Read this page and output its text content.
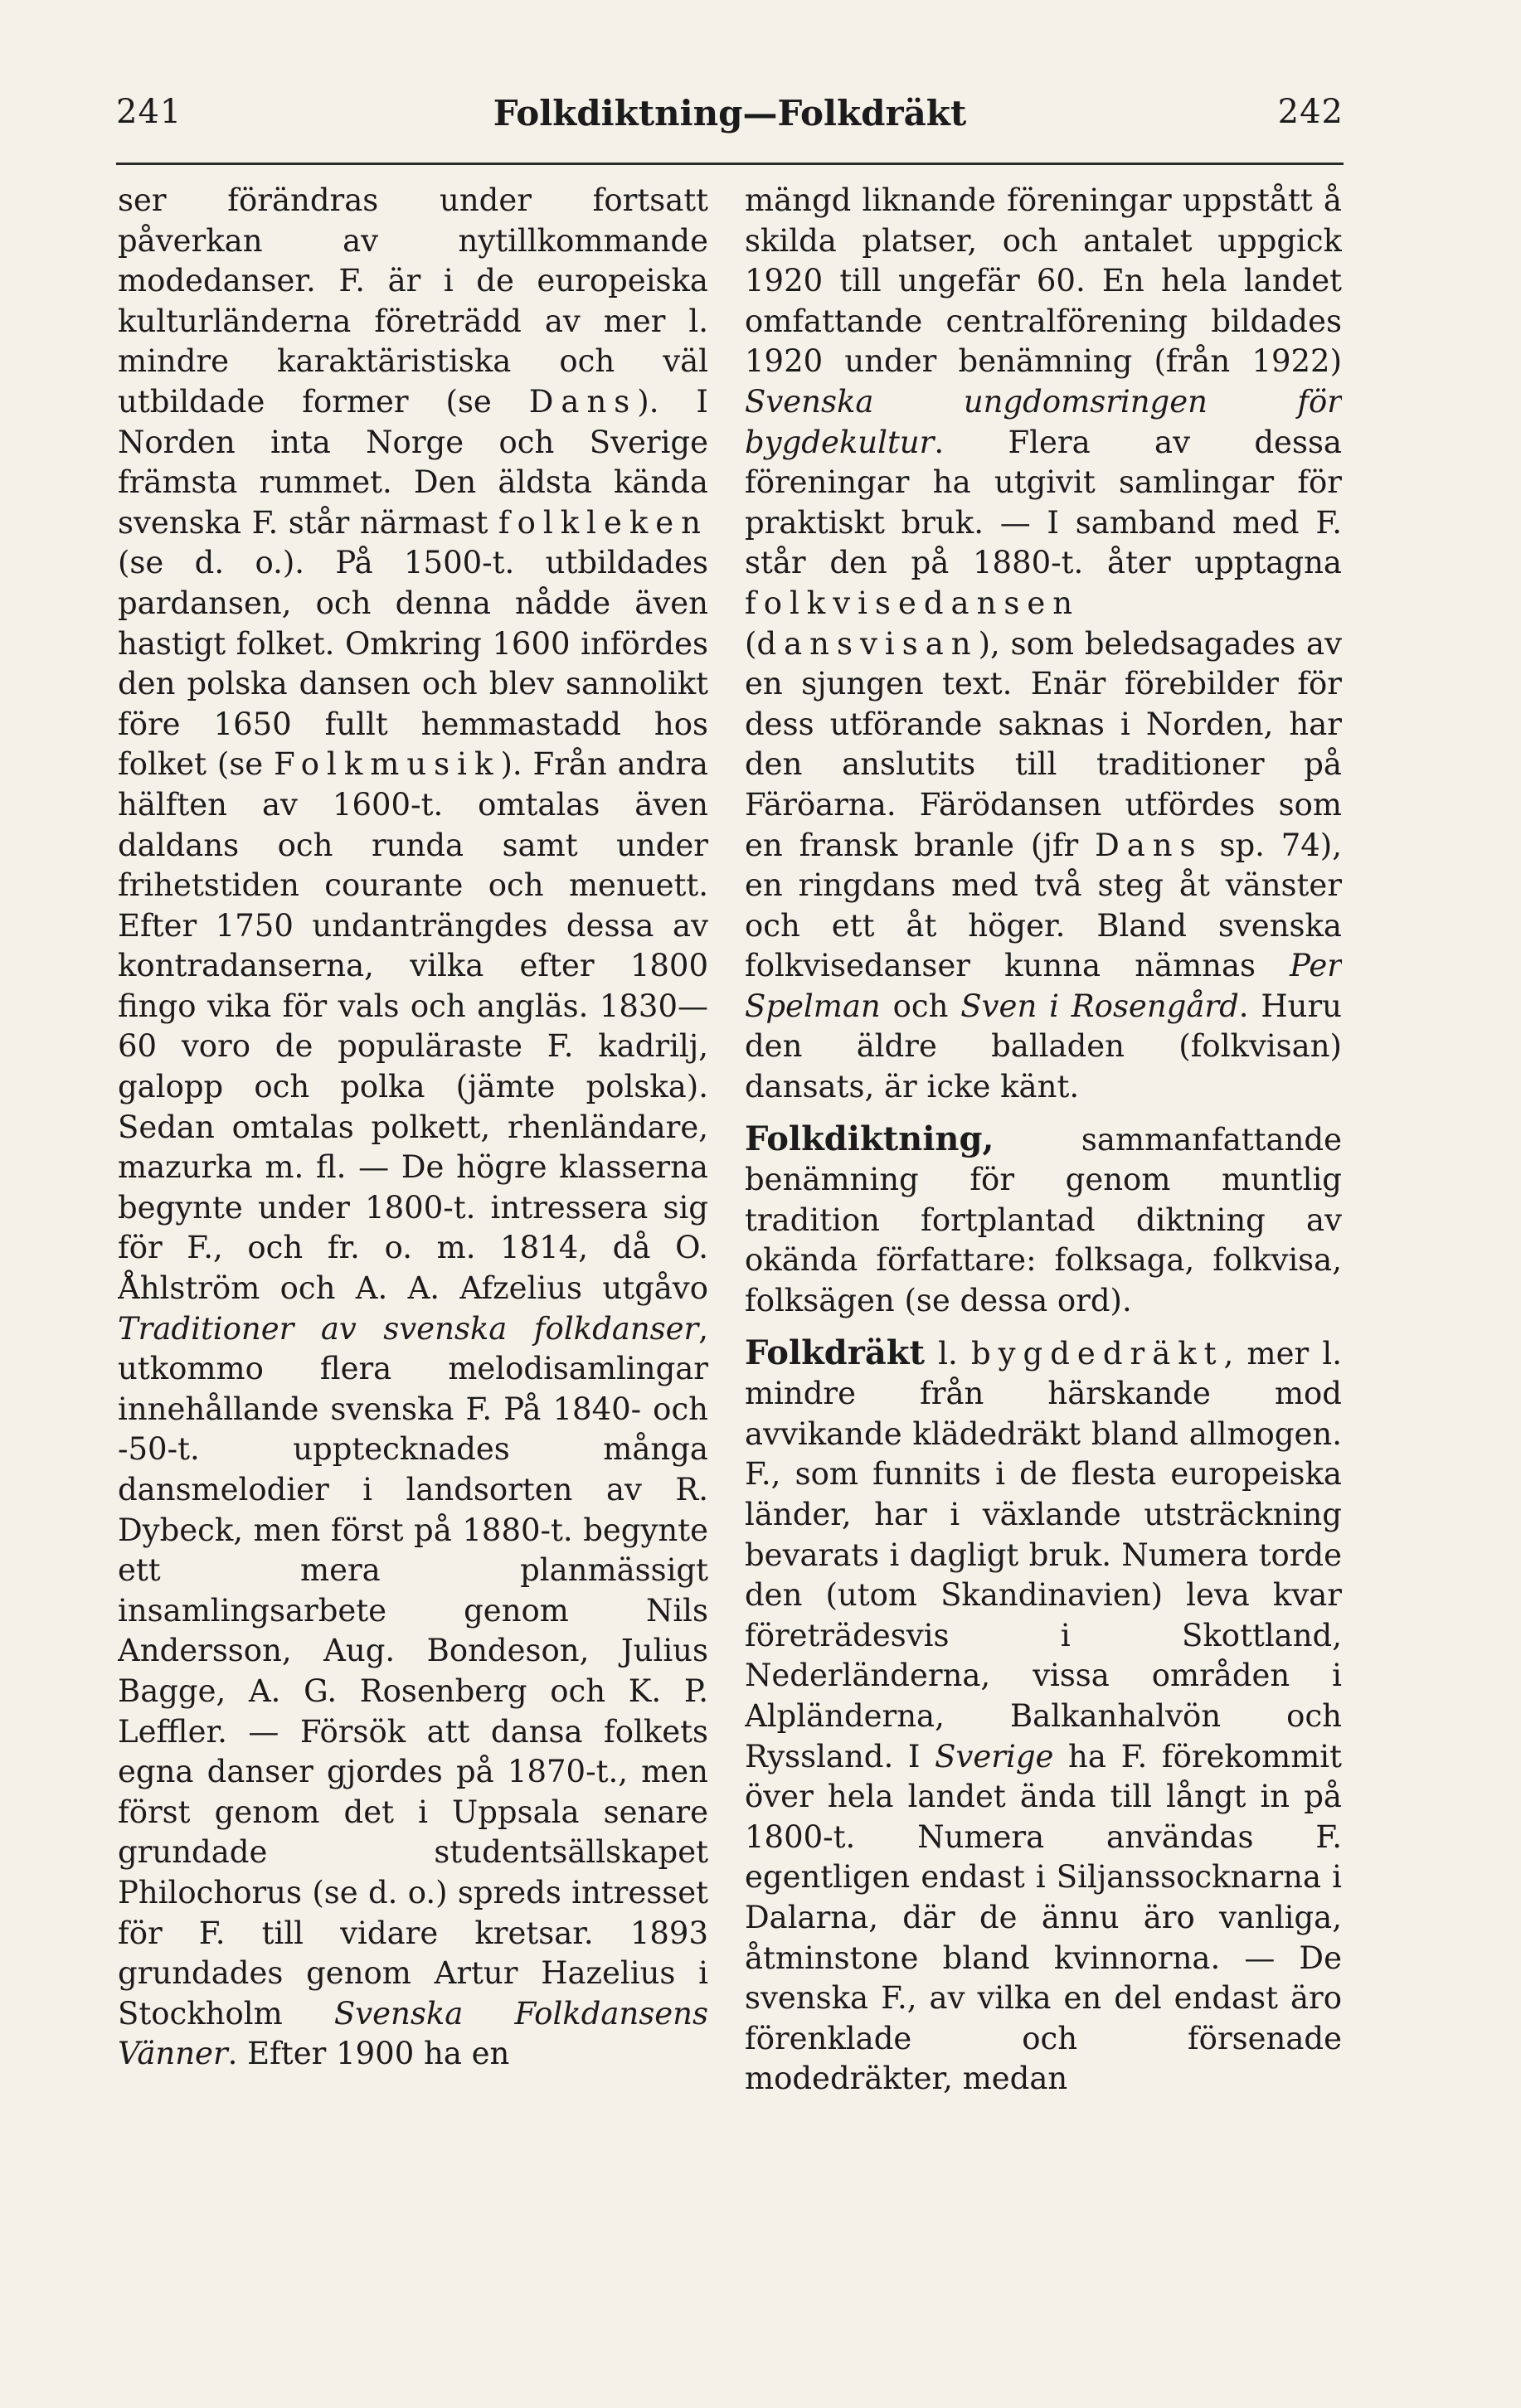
241	Folkdiktning—Folkdräkt	242

ser förändras under fortsatt påverkan av nytillkommande modedanser. F. är i de europeiska kulturländerna företrädd av mer l. mindre karaktäristiska och väl utbildade former (se Dans). I Norden inta Norge och Sverige främsta rummet. Den äldsta kända svenska F. står närmast folkleken (se d. o.). På 1500-t. utbildades pardansen, och denna nådde även hastigt folket. Omkring 1600 infördes den polska dansen och blev sannolikt före 1650 fullt hemmastadd hos folket (se Folkmusik). Från andra hälften av 1600-t. omtalas även daldans och runda samt under frihetstiden courante och menuett. Efter 1750 undanträngdes dessa av kontradanserna, vilka efter 1800 fingo vika för vals och angläs. 1830—60 voro de populäraste F. kadrilj, galopp och polka (jämte polska). Sedan omtalas polkett, rhenländare, mazurka m. fl. — De högre klasserna begynte under 1800-t. intressera sig för F., och fr. o. m. 1814, då O. Åhlström och A. A. Afzelius utgåvo Traditioner av svenska folkdanser, utkommo flera melodisamlingar innehållande svenska F. På 1840- och -50-t. upptecknades många dansmelodier i landsorten av R. Dybeck, men först på 1880-t. begynte ett mera planmässigt insamlingsarbete genom Nils Andersson, Aug. Bondeson, Julius Bagge, A. G. Rosenberg och K. P. Leffler. — Försök att dansa folkets egna danser gjordes på 1870-t., men först genom det i Uppsala senare grundade studentsällskapet Philochorus (se d. o.) spreds intresset för F. till vidare kretsar. 1893 grundades genom Artur Hazelius i Stockholm Svenska Folkdansens Vänner. Efter 1900 ha en

mängd liknande föreningar uppstått å skilda platser, och antalet uppgick 1920 till ungefär 60. En hela landet omfattande centralförening bildades 1920 under benämning (från 1922) Svenska ungdomsringen för bygdekultur. Flera av dessa föreningar ha utgivit samlingar för praktiskt bruk. — I samband med F. står den på 1880-t. åter upptagna folkvisedansen (dansvisan), som beledsagades av en sjungen text. Enär förebilder för dess utförande saknas i Norden, har den anslutits till traditioner på Färöarna. Färödansen utfördes som en fransk branle (jfr Dans sp. 74), en ringdans med två steg åt vänster och ett åt höger. Bland svenska folkvisedanser kunna nämnas Per Spelman och Sven i Rosengård. Huru den äldre balladen (folkvisan) dansats, är icke känt.

Folkdiktning, sammanfattande benämning för genom muntlig tradition fortplantad diktning av okända författare: folksaga, folkvisa, folksägen (se dessa ord).

Folkdräkt l. bygdedräkt, mer l. mindre från härskande mod avvikande klädedräkt bland allmogen. F., som funnits i de flesta europeiska länder, har i växlande utsträckning bevarats i dagligt bruk. Numera torde den (utom Skandinavien) leva kvar företrädesvis i Skottland, Nederländerna, vissa områden i Alpländerna, Balkanhalvön och Ryssland. I Sverige ha F. förekommit över hela landet ända till långt in på 1800-t. Numera användas F. egentligen endast i Siljanssocknarna i Dalarna, där de ännu äro vanliga, åtminstone bland kvinnorna. — De svenska F., av vilka en del endast äro förenklade och försenade modedräkter, medan
